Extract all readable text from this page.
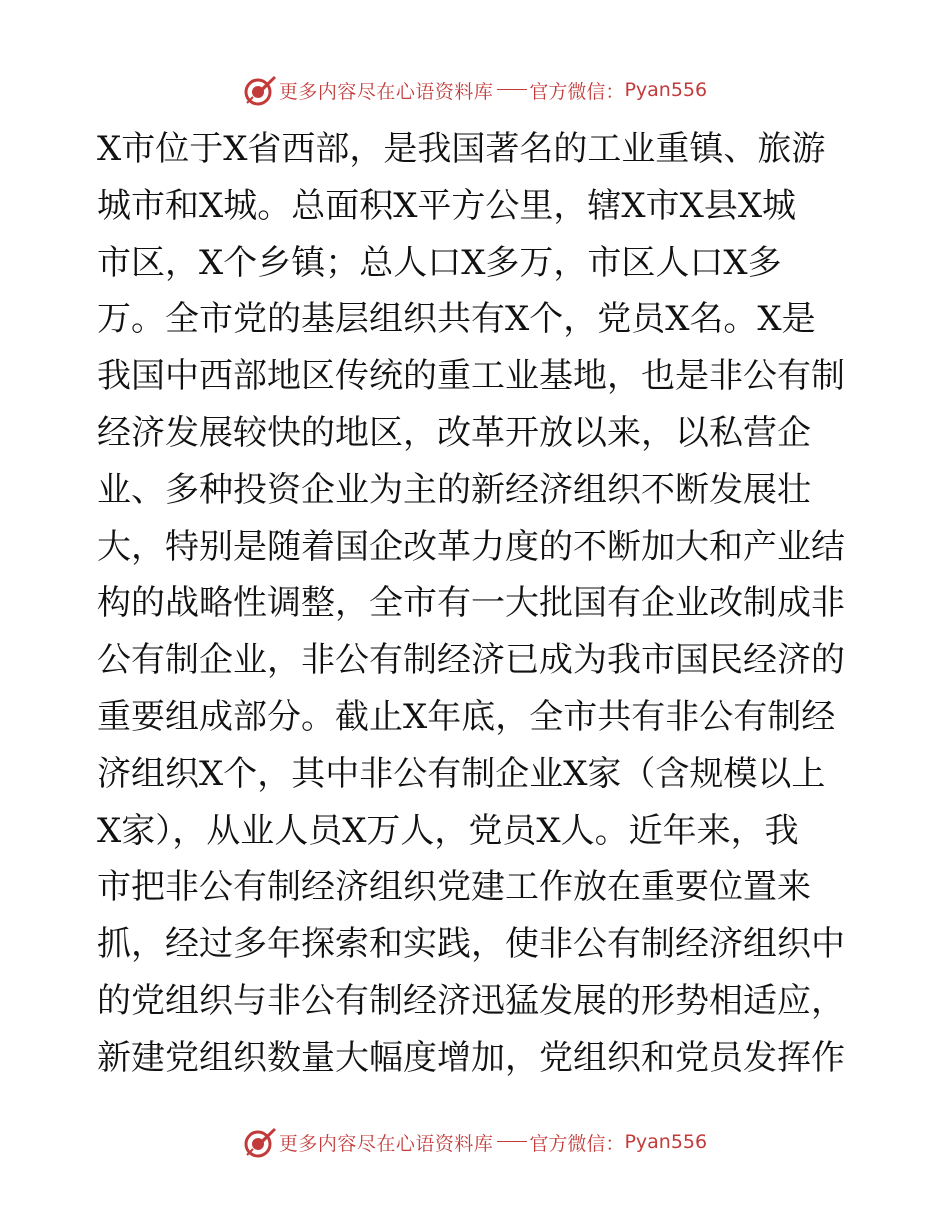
更多内容尽在心语资料库 官方微信： Pyan556
X市位于X省西部，是我国著名的工业重镇、旅游
城市和X城。总面积X平方公里，辖X市X县X城
市区，X个乡镇；总人口X多万，市区人口X多
万。全市党的基层组织共有X个，党员X名。X是
我国中西部地区传统的重工业基地，也是非公有制
经济发展较快的地区，改革开放以来，以私营企
业、多种投资企业为主的新经济组织不断发展壮
大，特别是随着国企改革力度的不断加大和产业结
构的战略性调整，全市有一大批国有企业改制成非
公有制企业，非公有制经济已成为我市国民经济的
重要组成部分。截止X年底，全市共有非公有制经
济组织X个，其中非公有制企业X家（含规模以上
X家），从业人员X万人，党员X人。近年来，我
市把非公有制经济组织党建工作放在重要位置来
抓，经过多年探索和实践，使非公有制经济组织中
的党组织与非公有制经济迅猛发展的形势相适应，
新建党组织数量大幅度增加，党组织和党员发挥作
更多内容尽在心语资料库 官方微信： Pyan556
